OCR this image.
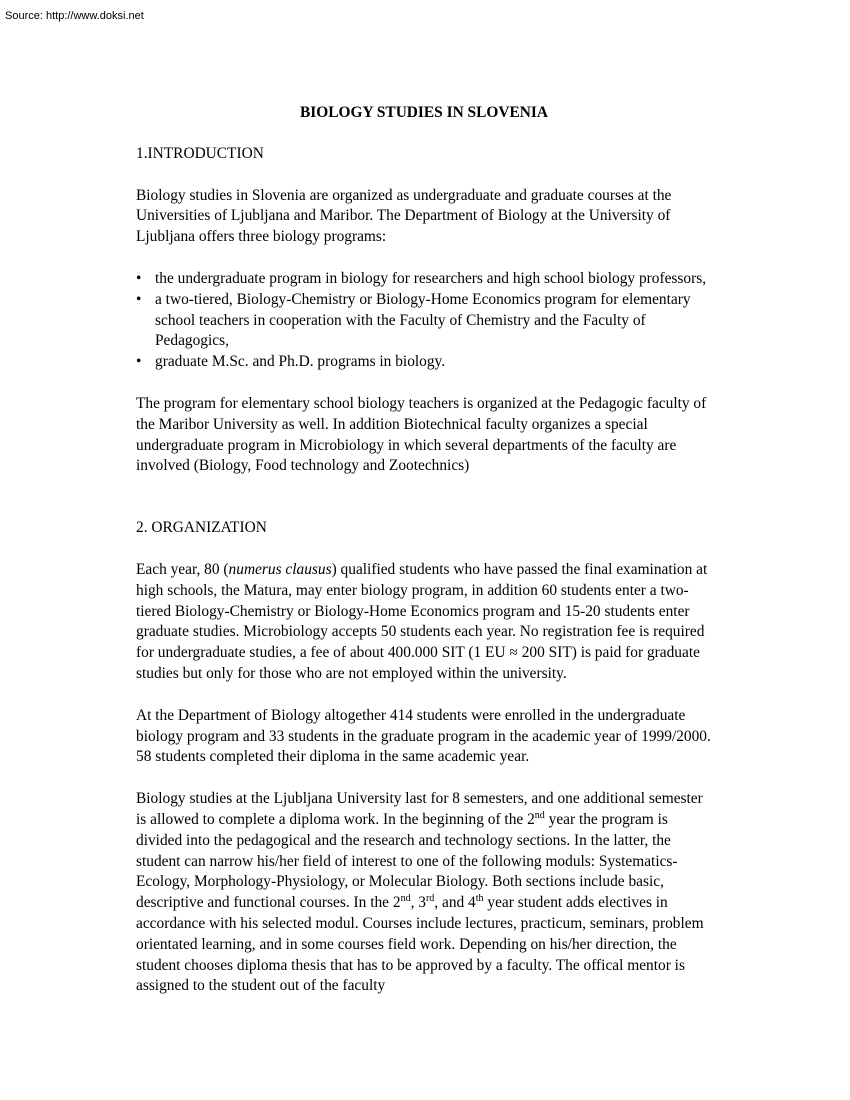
Source: http://www.doksi.net

BIOLOGY STUDIES IN SLOVENIA

1.INTRODUCTION

Biology studies in Slovenia are organized as undergraduate and graduate courses at the Universities of Ljubljana and Maribor. The Department of Biology at the University of Ljubljana offers three biology programs:

• the undergraduate program in biology for researchers and high school biology professors,
• a two-tiered, Biology-Chemistry or Biology-Home Economics program for elementary school teachers in cooperation with the Faculty of Chemistry and the Faculty of Pedagogics,
• graduate M.Sc. and Ph.D. programs in biology.

The program for elementary school biology teachers is organized at the Pedagogic faculty of the Maribor University as well. In addition Biotechnical faculty organizes a special undergraduate program in Microbiology in which several departments of the faculty are involved (Biology, Food technology and Zootechnics)

2. ORGANIZATION

Each year, 80 (numerus clausus) qualified students who have passed the final examination at high schools, the Matura, may enter biology program, in addition 60 students enter a two-tiered Biology-Chemistry or Biology-Home Economics program and 15-20 students enter graduate studies. Microbiology accepts 50 students each year. No registration fee is required for undergraduate studies, a fee of about 400.000 SIT (1 EU ≈ 200 SIT) is paid for graduate studies but only for those who are not employed within the university.

At the Department of Biology altogether 414 students were enrolled in the undergraduate biology program and 33 students in the graduate program in the academic year of 1999/2000. 58 students completed their diploma in the same academic year.

Biology studies at the Ljubljana University last for 8 semesters, and one additional semester is allowed to complete a diploma work. In the beginning of the 2nd year the program is divided into the pedagogical and the research and technology sections. In the latter, the student can narrow his/her field of interest to one of the following moduls: Systematics-Ecology, Morphology-Physiology, or Molecular Biology. Both sections include basic, descriptive and functional courses. In the 2nd, 3rd, and 4th year student adds electives in accordance with his selected modul. Courses include lectures, practicum, seminars, problem orientated learning, and in some courses field work. Depending on his/her direction, the student chooses diploma thesis that has to be approved by a faculty. The offical mentor is assigned to the student out of the faculty
